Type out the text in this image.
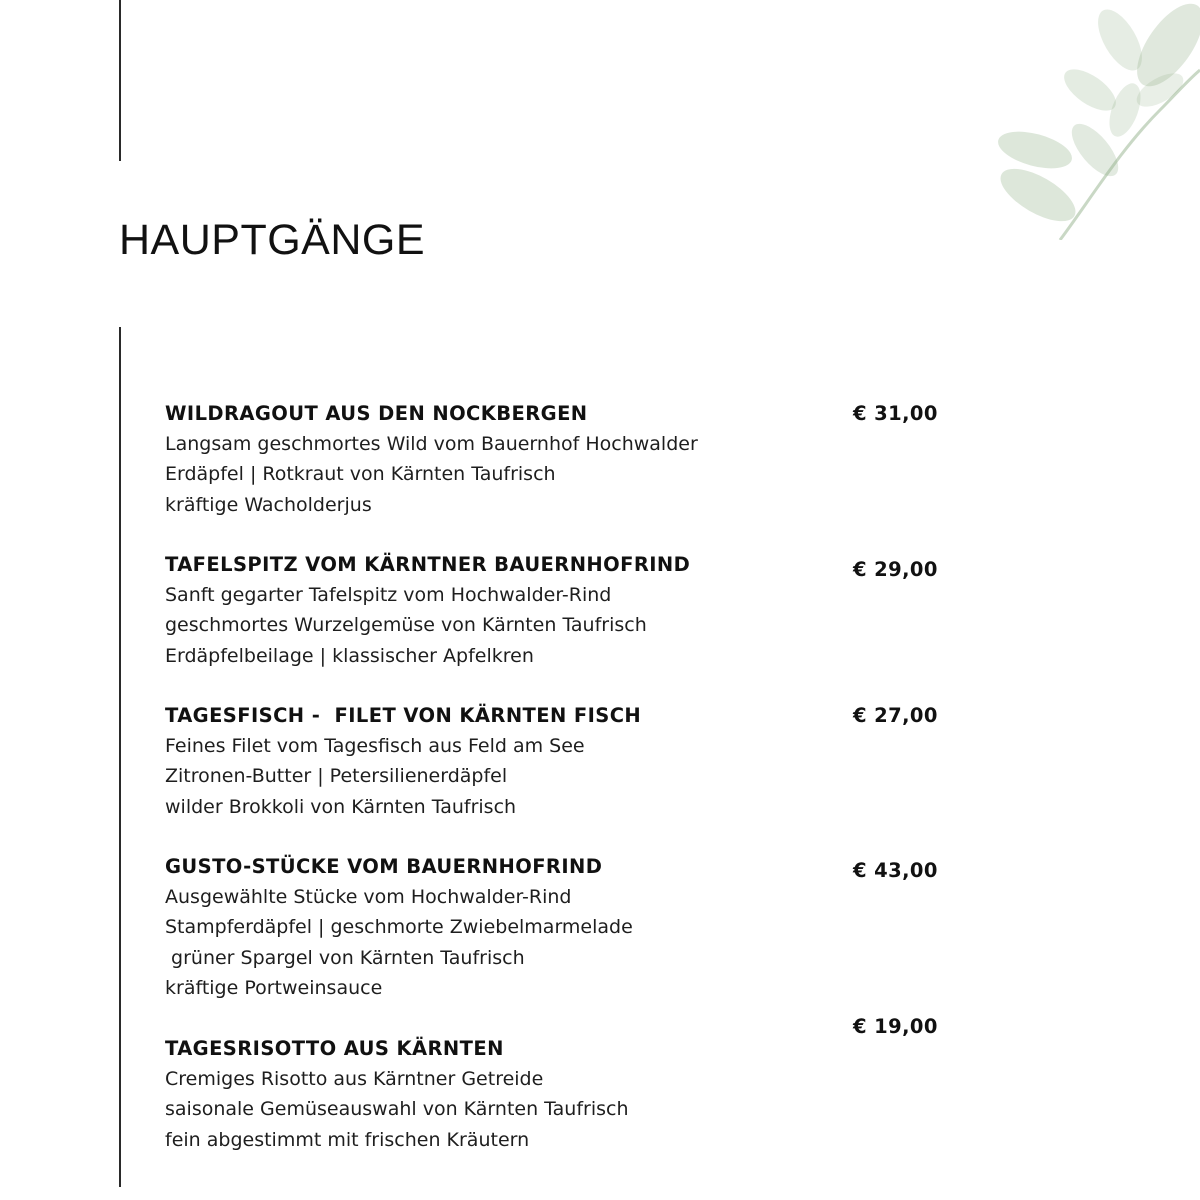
HAUPTGÄNGE
WILDRAGOUT AUS DEN NOCKBERGEN
Langsam geschmortes Wild vom Bauernhof Hochwalder
Erdäpfel | Rotkraut von Kärnten Taufrisch
kräftige Wacholderjus
€ 31,00
TAFELSPITZ VOM KÄRNTNER BAUERNHOFRIND
Sanft gegarter Tafelspitz vom Hochwalder-Rind
geschmortes Wurzelgemüse von Kärnten Taufrisch
Erdäpfelbeilage | klassischer Apfelkren
€ 29,00
TAGESFISCH -  FILET VON KÄRNTEN FISCH
Feines Filet vom Tagesfisch aus Feld am See
Zitronen-Butter | Petersilienerdäpfel
wilder Brokkoli von Kärnten Taufrisch
€ 27,00
GUSTO-STÜCKE VOM BAUERNHOFRIND
Ausgewählte Stücke vom Hochwalder-Rind
Stampferdäpfel | geschmorte Zwiebelmarmelade
grüner Spargel von Kärnten Taufrisch
kräftige Portweinsauce
€ 43,00
TAGESRISOTTO AUS KÄRNTEN
Cremiges Risotto aus Kärntner Getreide
saisonale Gemüseauswahl von Kärnten Taufrisch
fein abgestimmt mit frischen Kräutern
€ 19,00
